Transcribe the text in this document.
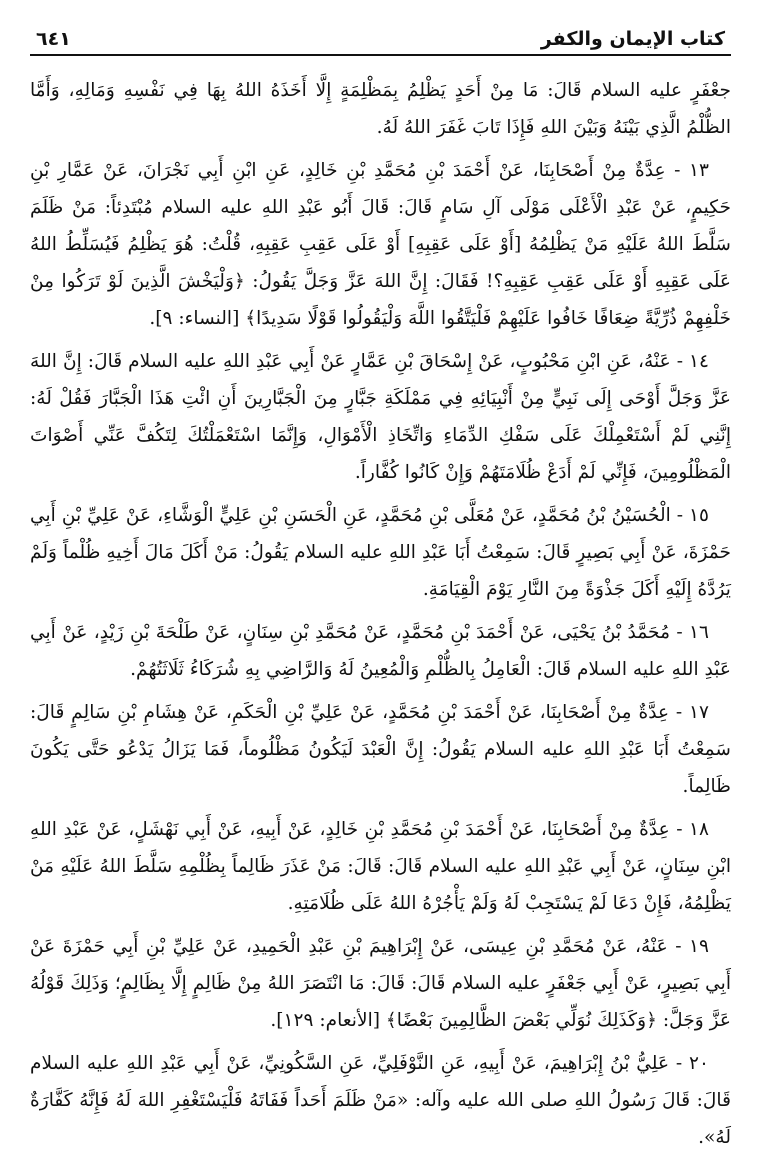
كتاب الإيمان والكفر
٦٤١

جعْفَرٍ عليه السلام قَالَ: مَا مِنْ أَحَدٍ يَظْلِمُ بِمَظْلِمَةٍ إِلَّا أَخَذَهُ اللهُ بِهَا فِي نَفْسِهِ وَمَالِهِ، وَأَمَّا الظُّلْمُ الَّذِي بَيْنَهُ وَبَيْنَ اللهِ فَإِذَا تَابَ غَفَرَ اللهُ لَهُ.

١٣ - عِدَّةٌ مِنْ أَصْحَابِنَا، عَنْ أَحْمَدَ بْنِ مُحَمَّدِ بْنِ خَالِدٍ، عَنِ ابْنِ أَبِي نَجْرَانَ، عَنْ عَمَّارِ بْنِ حَكِيمٍ، عَنْ عَبْدِ الْأَعْلَى مَوْلَى آلِ سَامٍ قَالَ: قَالَ أَبُو عَبْدِ اللهِ عليه السلام مُبْتَدِئاً: مَنْ ظَلَمَ سَلَّطَ اللهُ عَلَيْهِ مَنْ يَظْلِمُهُ [أَوْ عَلَى عَقِبِهِ] أَوْ عَلَى عَقِبِ عَقِبِهِ، قُلْتُ: هُوَ يَظْلِمُ فَيُسَلِّطُ اللهُ عَلَى عَقِبِهِ أَوْ عَلَى عَقِبِ عَقِبِهِ؟! فَقَالَ: إِنَّ اللهَ عَزَّ وَجَلَّ يَقُولُ: ﴿وَلْيَخْشَ الَّذِينَ لَوْ تَرَكُوا مِنْ خَلْفِهِمْ ذُرِّيَّةً ضِعَافًا خَافُوا عَلَيْهِمْ فَلْيَتَّقُوا اللَّهَ وَلْيَقُولُوا قَوْلًا سَدِيدًا﴾ [النساء: ٩].

١٤ - عَنْهُ، عَنِ ابْنِ مَحْبُوبٍ، عَنْ إِسْحَاقَ بْنِ عَمَّارٍ عَنْ أَبِي عَبْدِ اللهِ عليه السلام قَالَ: إِنَّ اللهَ عَزَّ وَجَلَّ أَوْحَى إِلَى نَبِيٍّ مِنْ أَنْبِيَائِهِ فِي مَمْلَكَةِ جَبَّارٍ مِنَ الْجَبَّارِينَ أَنِ ائْتِ هَذَا الْجَبَّارَ فَقُلْ لَهُ: إِنَّنِي لَمْ أَسْتَعْمِلْكَ عَلَى سَفْكِ الدِّمَاءِ وَاتِّخَاذِ الْأَمْوَالِ، وَإِنَّمَا اسْتَعْمَلْتُكَ لِتَكُفَّ عَنِّي أَصْوَاتَ الْمَظْلُومِينَ، فَإِنِّي لَمْ أَدَعْ ظُلَامَتَهُمْ وَإِنْ كَانُوا كُفَّاراً.

١٥ - الْحُسَيْنُ بْنُ مُحَمَّدٍ، عَنْ مُعَلَّى بْنِ مُحَمَّدٍ، عَنِ الْحَسَنِ بْنِ عَلِيٍّ الْوَشَّاءِ، عَنْ عَلِيِّ بْنِ أَبِي حَمْزَةَ، عَنْ أَبِي بَصِيرٍ قَالَ: سَمِعْتُ أَبَا عَبْدِ اللهِ عليه السلام يَقُولُ: مَنْ أَكَلَ مَالَ أَخِيهِ ظُلْماً وَلَمْ يَرُدَّهُ إِلَيْهِ أَكَلَ جَذْوَةً مِنَ النَّارِ يَوْمَ الْقِيَامَةِ.

١٦ - مُحَمَّدُ بْنُ يَحْيَى، عَنْ أَحْمَدَ بْنِ مُحَمَّدٍ، عَنْ مُحَمَّدِ بْنِ سِنَانٍ، عَنْ طَلْحَةَ بْنِ زَيْدٍ، عَنْ أَبِي عَبْدِ اللهِ عليه السلام قَالَ: الْعَامِلُ بِالظُّلْمِ وَالْمُعِينُ لَهُ وَالرَّاضِي بِهِ شُرَكَاءُ ثَلَاثَتُهُمْ.

١٧ - عِدَّةٌ مِنْ أَصْحَابِنَا، عَنْ أَحْمَدَ بْنِ مُحَمَّدٍ، عَنْ عَلِيِّ بْنِ الْحَكَمِ، عَنْ هِشَامِ بْنِ سَالِمٍ قَالَ: سَمِعْتُ أَبَا عَبْدِ اللهِ عليه السلام يَقُولُ: إِنَّ الْعَبْدَ لَيَكُونُ مَظْلُوماً، فَمَا يَزَالُ يَدْعُو حَتَّى يَكُونَ ظَالِماً.

١٨ - عِدَّةٌ مِنْ أَصْحَابِنَا، عَنْ أَحْمَدَ بْنِ مُحَمَّدِ بْنِ خَالِدٍ، عَنْ أَبِيهِ، عَنْ أَبِي نَهْشَلٍ، عَنْ عَبْدِ اللهِ ابْنِ سِنَانٍ، عَنْ أَبِي عَبْدِ اللهِ عليه السلام قَالَ: قَالَ: مَنْ عَذَرَ ظَالِماً بِظُلْمِهِ سَلَّطَ اللهُ عَلَيْهِ مَنْ يَظْلِمُهُ، فَإِنْ دَعَا لَمْ يَسْتَجِبْ لَهُ وَلَمْ يَأْجُرْهُ اللهُ عَلَى ظُلَامَتِهِ.

١٩ - عَنْهُ، عَنْ مُحَمَّدِ بْنِ عِيسَى، عَنْ إِبْرَاهِيمَ بْنِ عَبْدِ الْحَمِيدِ، عَنْ عَلِيِّ بْنِ أَبِي حَمْزَةَ عَنْ أَبِي بَصِيرٍ، عَنْ أَبِي جَعْفَرٍ عليه السلام قَالَ: قَالَ: مَا انْتَصَرَ اللهُ مِنْ ظَالِمٍ إِلَّا بِظَالِمٍ؛ وَذَلِكَ قَوْلُهُ عَزَّ وَجَلَّ: ﴿وَكَذَلِكَ نُوَلِّي بَعْضَ الظَّالِمِينَ بَعْضًا﴾ [الأنعام: ١٢٩].

٢٠ - عَلِيُّ بْنُ إِبْرَاهِيمَ، عَنْ أَبِيهِ، عَنِ النَّوْفَلِيِّ، عَنِ السَّكُونِيِّ، عَنْ أَبِي عَبْدِ اللهِ عليه السلام قَالَ: قَالَ رَسُولُ اللهِ صلى الله عليه وآله: «مَنْ ظَلَمَ أَحَداً فَفَاتَهُ فَلْيَسْتَغْفِرِ اللهَ لَهُ فَإِنَّهُ كَفَّارَةٌ لَهُ».
